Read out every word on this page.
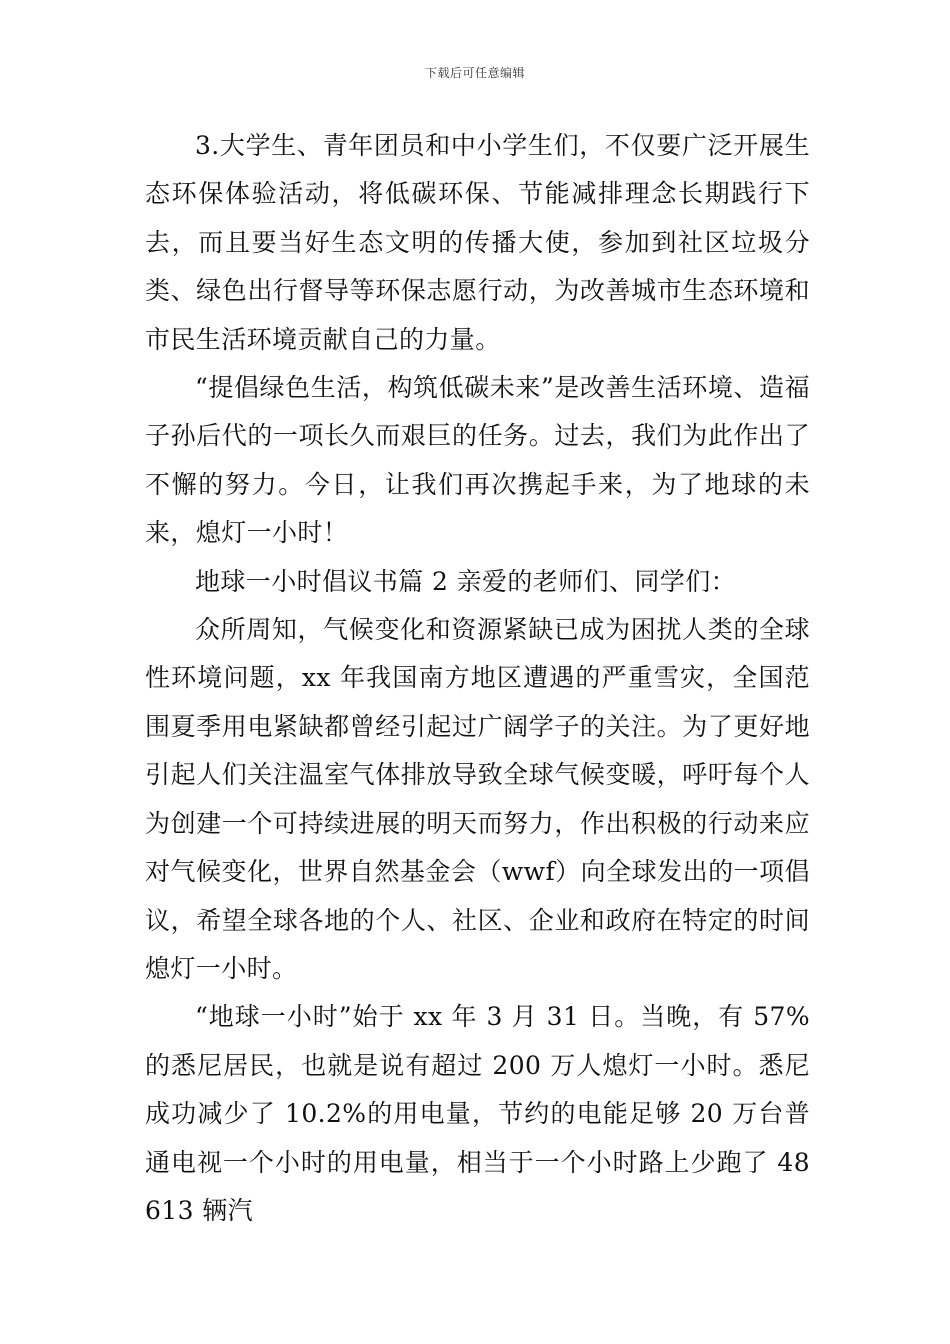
下载后可任意编辑

3.大学生、青年团员和中小学生们，不仅要广泛开展生态环保体验活动，将低碳环保、节能减排理念长期践行下去，而且要当好生态文明的传播大使，参加到社区垃圾分类、绿色出行督导等环保志愿行动，为改善城市生态环境和市民生活环境贡献自己的力量。

“提倡绿色生活，构筑低碳未来”是改善生活环境、造福子孙后代的一项长久而艰巨的任务。过去，我们为此作出了不懈的努力。今日，让我们再次携起手来，为了地球的未来，熄灯一小时！

地球一小时倡议书篇 2 亲爱的老师们、同学们：

众所周知，气候变化和资源紧缺已成为困扰人类的全球性环境问题，xx 年我国南方地区遭遇的严重雪灾，全国范围夏季用电紧缺都曾经引起过广阔学子的关注。为了更好地引起人们关注温室气体排放导致全球气候变暖，呼吁每个人为创建一个可持续进展的明天而努力，作出积极的行动来应对气候变化，世界自然基金会（wwf）向全球发出的一项倡议，希望全球各地的个人、社区、企业和政府在特定的时间熄灯一小时。

“地球一小时”始于 xx 年 3 月 31 日。当晚，有 57%的悉尼居民，也就是说有超过 200 万人熄灯一小时。悉尼成功减少了 10.2%的用电量，节约的电能足够 20 万台普通电视一个小时的用电量，相当于一个小时路上少跑了 48613 辆汽
